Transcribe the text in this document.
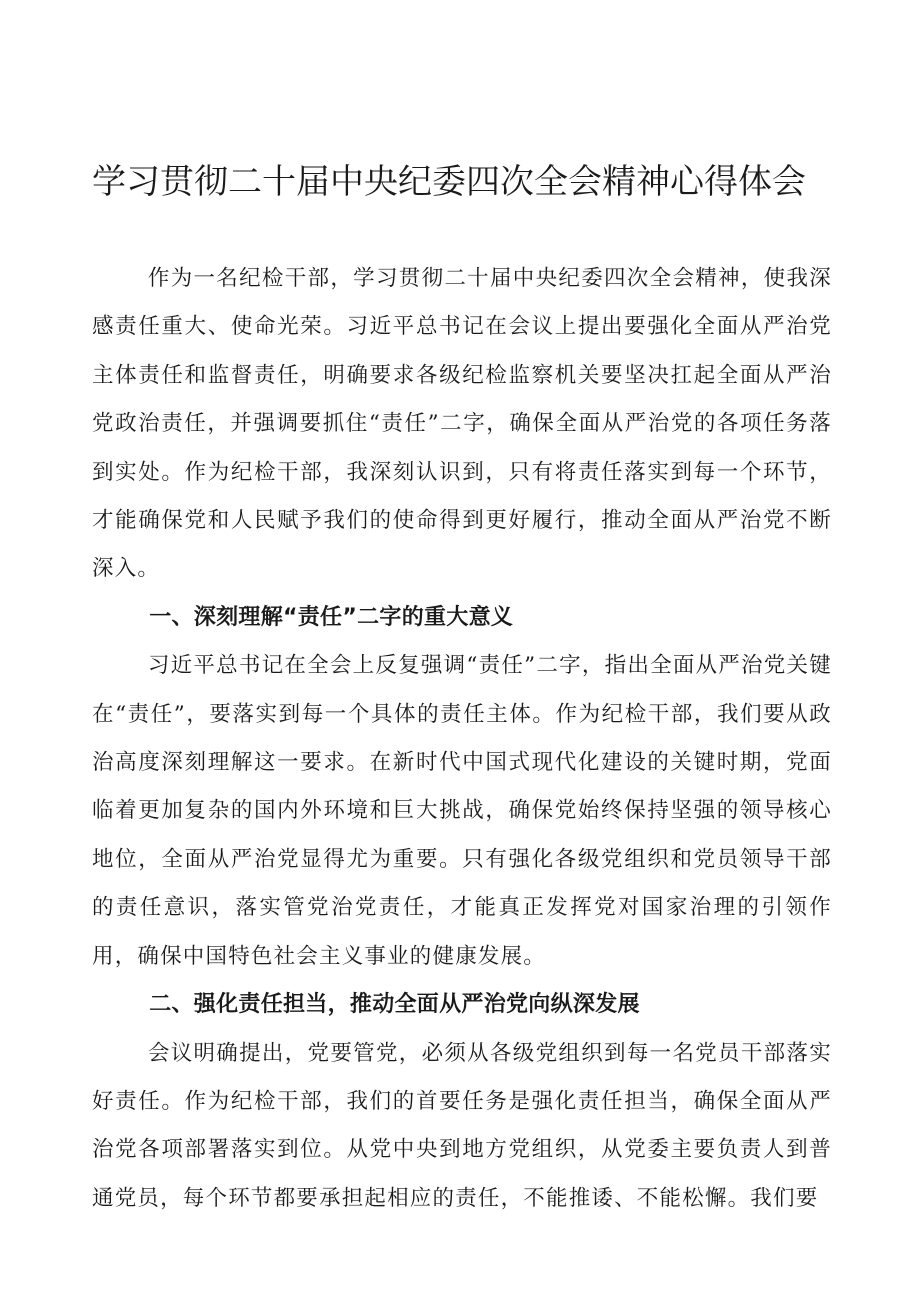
学习贯彻二十届中央纪委四次全会精神心得体会

作为一名纪检干部，学习贯彻二十届中央纪委四次全会精神，使我深感责任重大、使命光荣。习近平总书记在会议上提出要强化全面从严治党主体责任和监督责任，明确要求各级纪检监察机关要坚决扛起全面从严治党政治责任，并强调要抓住“责任”二字，确保全面从严治党的各项任务落到实处。作为纪检干部，我深刻认识到，只有将责任落实到每一个环节，才能确保党和人民赋予我们的使命得到更好履行，推动全面从严治党不断深入。

一、深刻理解“责任”二字的重大意义

习近平总书记在全会上反复强调“责任”二字，指出全面从严治党关键在“责任”，要落实到每一个具体的责任主体。作为纪检干部，我们要从政治高度深刻理解这一要求。在新时代中国式现代化建设的关键时期，党面临着更加复杂的国内外环境和巨大挑战，确保党始终保持坚强的领导核心地位，全面从严治党显得尤为重要。只有强化各级党组织和党员领导干部的责任意识，落实管党治党责任，才能真正发挥党对国家治理的引领作用，确保中国特色社会主义事业的健康发展。

二、强化责任担当，推动全面从严治党向纵深发展

会议明确提出，党要管党，必须从各级党组织到每一名党员干部落实好责任。作为纪检干部，我们的首要任务是强化责任担当，确保全面从严治党各项部署落实到位。从党中央到地方党组织，从党委主要负责人到普通党员，每个环节都要承担起相应的责任，不能推诿、不能松懈。我们要
